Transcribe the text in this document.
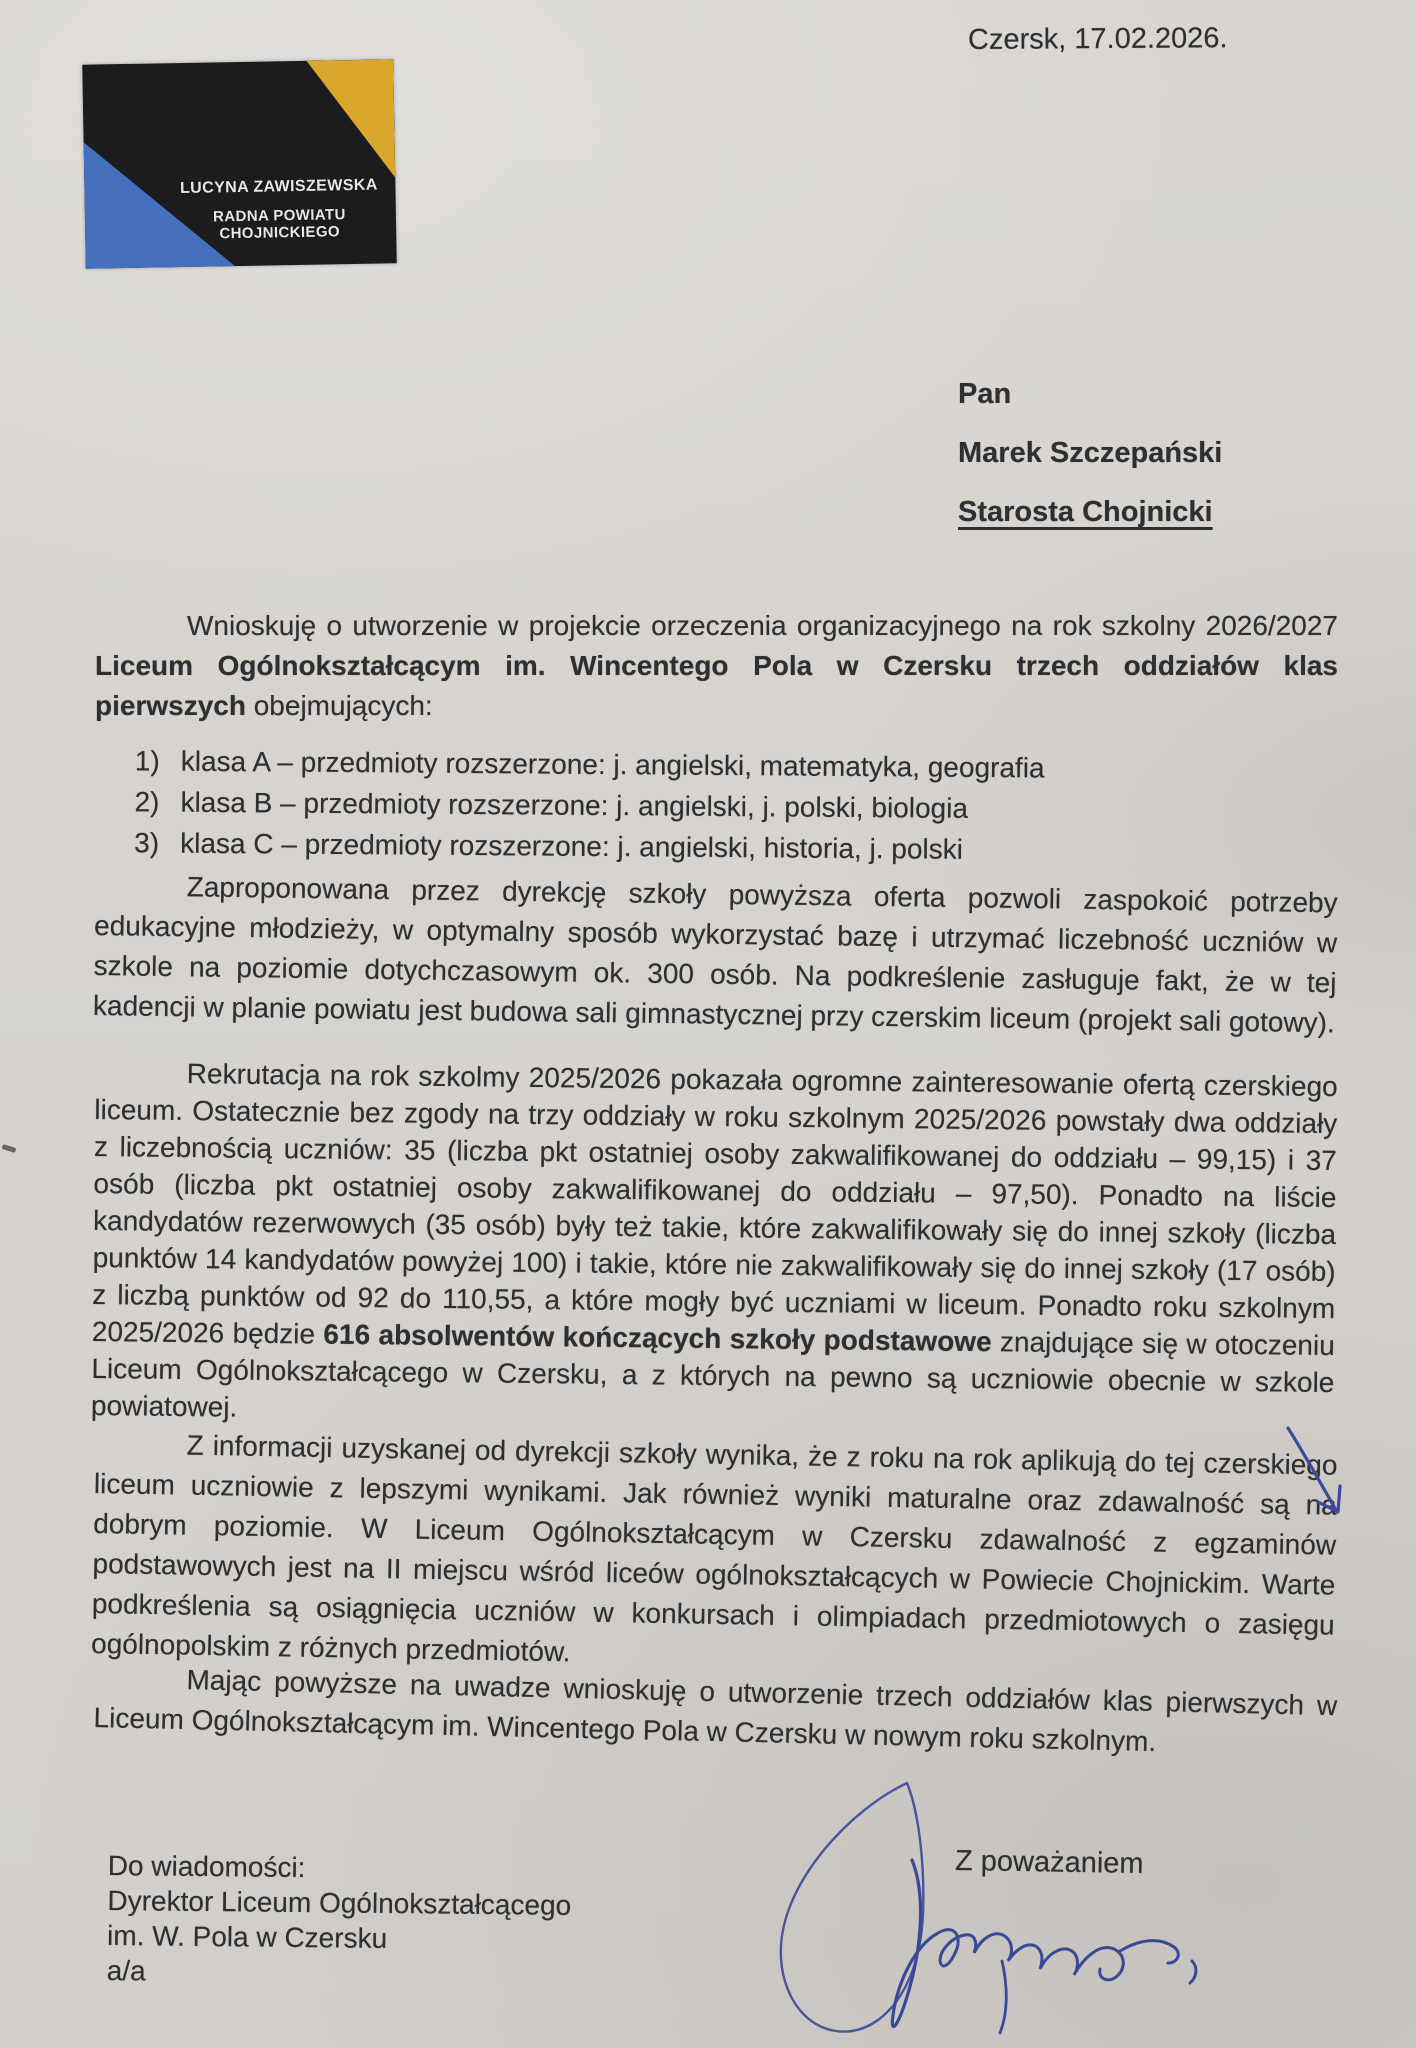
Czersk, 17.02.2026.
LUCYNA ZAWISZEWSKA
RADNA POWIATU CHOJNICKIEGO
Pan
Marek Szczepański
Starosta Chojnicki

Wnioskuję o utworzenie w projekcie orzeczenia organizacyjnego na rok szkolny 2026/2027 Liceum Ogólnokształcącym im. Wincentego Pola w Czersku trzech oddziałów klas pierwszych obejmujących:

1) klasa A – przedmioty rozszerzone: j. angielski, matematyka, geografia
2) klasa B – przedmioty rozszerzone: j. angielski, j. polski, biologia
3) klasa C – przedmioty rozszerzone: j. angielski, historia, j. polski

Zaproponowana przez dyrekcję szkoły powyższa oferta pozwoli zaspokoić potrzeby edukacyjne młodzieży, w optymalny sposób wykorzystać bazę i utrzymać liczebność uczniów w szkole na poziomie dotychczasowym ok. 300 osób. Na podkreślenie zasługuje fakt, że w tej kadencji w planie powiatu jest budowa sali gimnastycznej przy czerskim liceum (projekt sali gotowy).

Rekrutacja na rok szkolmy 2025/2026 pokazała ogromne zainteresowanie ofertą czerskiego liceum. Ostatecznie bez zgody na trzy oddziały w roku szkolnym 2025/2026 powstały dwa oddziały z liczebnością uczniów: 35 (liczba pkt ostatniej osoby zakwalifikowanej do oddziału – 99,15) i 37 osób (liczba pkt ostatniej osoby zakwalifikowanej do oddziału – 97,50). Ponadto na liście kandydatów rezerwowych (35 osób) były też takie, które zakwalifikowały się do innej szkoły (liczba punktów 14 kandydatów powyżej 100) i takie, które nie zakwalifikowały się do innej szkoły (17 osób) z liczbą punktów od 92 do 110,55, a które mogły być uczniami w liceum. Ponadto roku szkolnym 2025/2026 będzie 616 absolwentów kończących szkoły podstawowe znajdujące się w otoczeniu Liceum Ogólnokształcącego w Czersku, a z których na pewno są uczniowie obecnie w szkole powiatowej.

Z informacji uzyskanej od dyrekcji szkoły wynika, że z roku na rok aplikują do tej czerskiego liceum uczniowie z lepszymi wynikami. Jak również wyniki maturalne oraz zdawalność są na dobrym poziomie. W Liceum Ogólnokształcącym w Czersku zdawalność z egzaminów podstawowych jest na II miejscu wśród liceów ogólnokształcących w Powiecie Chojnickim. Warte podkreślenia są osiągnięcia uczniów w konkursach i olimpiadach przedmiotowych o zasięgu ogólnopolskim z różnych przedmiotów.

Mając powyższe na uwadze wnioskuję o utworzenie trzech oddziałów klas pierwszych w Liceum Ogólnokształcącym im. Wincentego Pola w Czersku w nowym roku szkolnym.

Z poważaniem
Do wiadomości:
Dyrektor Liceum Ogólnokształcącego
im. W. Pola w Czersku
a/a
